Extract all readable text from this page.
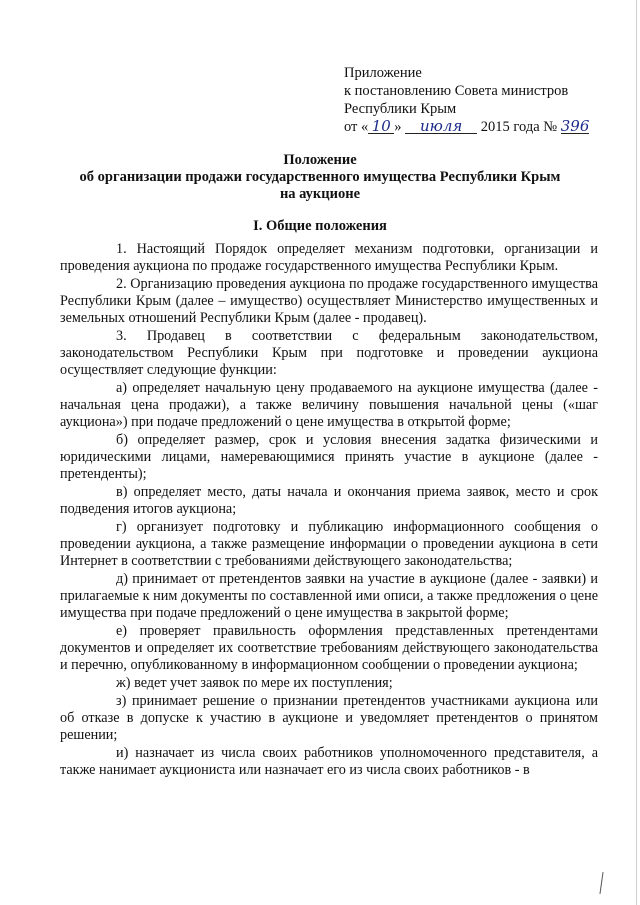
Приложение
к постановлению Совета министров
Республики Крым
от « 10 » июля 2015 года № 396
Положение
об организации продажи государственного имущества Республики Крым
на аукционе
I. Общие положения

1. Настоящий Порядок определяет механизм подготовки, организации и проведения аукциона по продаже государственного имущества Республики Крым.

2. Организацию проведения аукциона по продаже государственного имущества Республики Крым (далее – имущество) осуществляет Министерство имущественных и земельных отношений Республики Крым (далее - продавец).

3. Продавец в соответствии с федеральным законодательством, законодательством Республики Крым при подготовке и проведении аукциона осуществляет следующие функции:

а) определяет начальную цену продаваемого на аукционе имущества (далее - начальная цена продажи), а также величину повышения начальной цены («шаг аукциона») при подаче предложений о цене имущества в открытой форме;

б) определяет размер, срок и условия внесения задатка физическими и юридическими лицами, намеревающимися принять участие в аукционе (далее - претенденты);

в) определяет место, даты начала и окончания приема заявок, место и срок подведения итогов аукциона;

г) организует подготовку и публикацию информационного сообщения о проведении аукциона, а также размещение информации о проведении аукциона в сети Интернет в соответствии с требованиями действующего законодательства;

д) принимает от претендентов заявки на участие в аукционе (далее - заявки) и прилагаемые к ним документы по составленной ими описи, а также предложения о цене имущества при подаче предложений о цене имущества в закрытой форме;

е) проверяет правильность оформления представленных претендентами документов и определяет их соответствие требованиям действующего законодательства и перечню, опубликованному в информационном сообщении о проведении аукциона;

ж) ведет учет заявок по мере их поступления;

з) принимает решение о признании претендентов участниками аукциона или об отказе в допуске к участию в аукционе и уведомляет претендентов о принятом решении;

и) назначает из числа своих работников уполномоченного представителя, а также нанимает аукциониста или назначает его из числа своих работников - в
